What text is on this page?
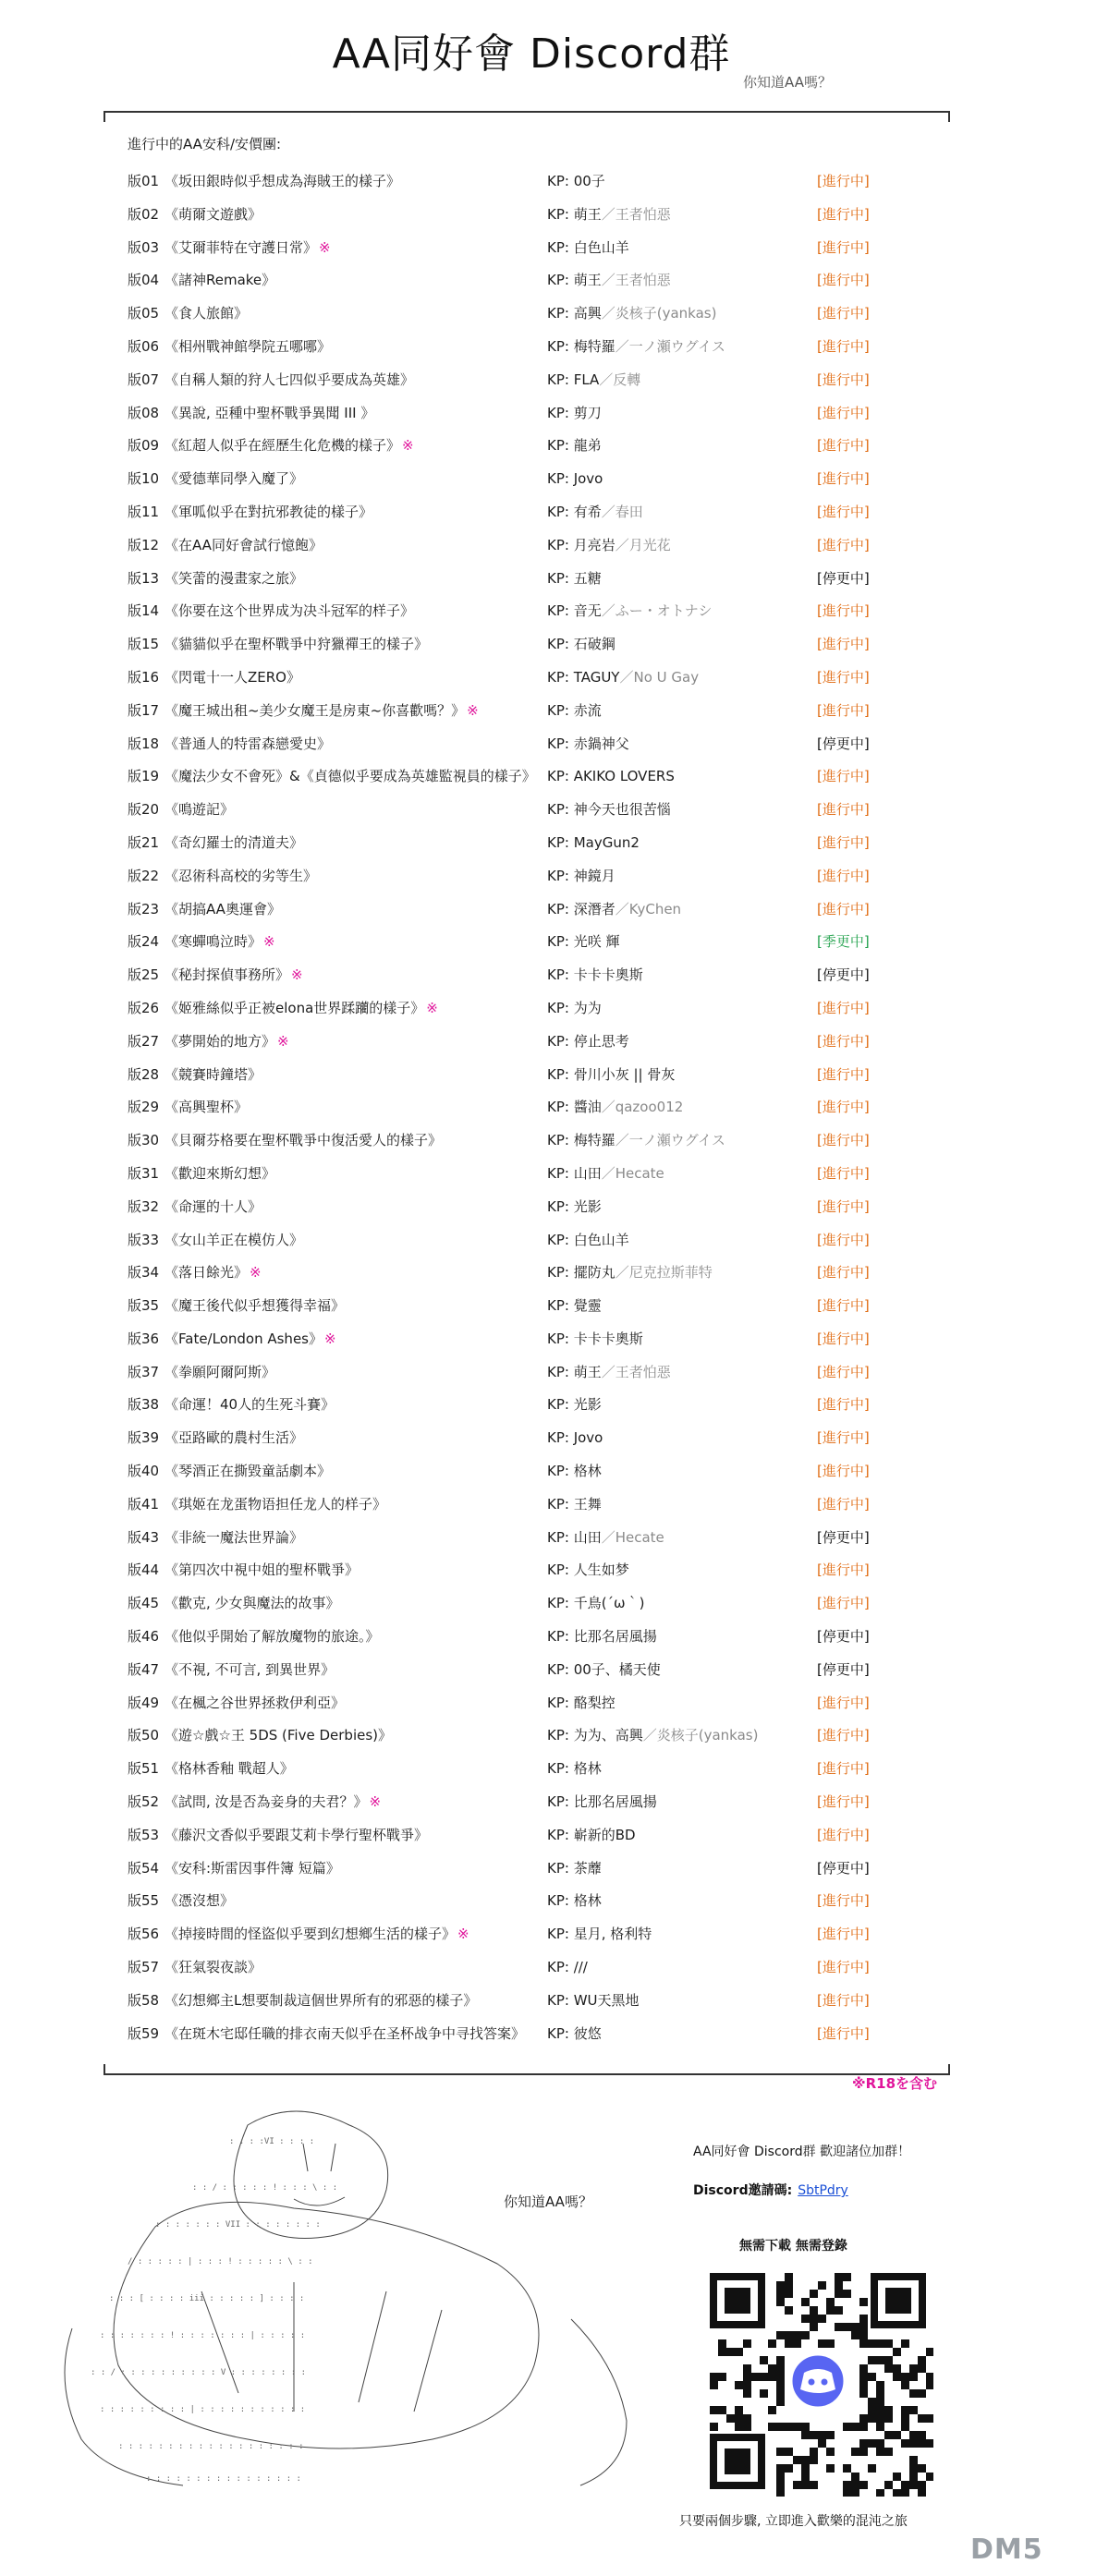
AA同好會 Discord群
你知道AA嗎？
進行中的AA安科/安價團:
版01 《坂田銀時似乎想成為海賊王的樣子》	KP: 00子	[進行中]
版02 《萌爾文遊戲》	KP: 萌王／王者怕惡	[進行中]
版03 《艾爾菲特在守護日常》 ※	KP: 白色山羊	[進行中]
版04 《諸神Remake》	KP: 萌王／王者怕惡	[進行中]
版05 《食人旅館》	KP: 高興／炎核子(yankas)	[進行中]
版06 《相州戰神館學院五哪哪》	KP: 梅特羅／一ノ瀬ウグイス	[進行中]
版07 《自稱人類的狩人七四似乎要成為英雄》	KP: FLA／反轉	[進行中]
版08 《異說, 亞種中聖杯戰爭異聞 III 》	KP: 剪刀	[進行中]
版09 《紅超人似乎在經歷生化危機的樣子》 ※	KP: 龍弟	[進行中]
版10 《愛德華同學入魔了》	KP: Jovo	[進行中]
版11 《軍呱似乎在對抗邪教徒的樣子》	KP: 有希／春田	[進行中]
版12 《在AA同好會試行憶飽》	KP: 月亮岩／月光花	[進行中]
版13 《笑蕾的漫畫家之旅》	KP: 五糖	[停更中]
版14 《你要在这个世界成为决斗冠军的样子》	KP: 音无／ふー・オトナシ	[進行中]
版15 《貓貓似乎在聖杯戰爭中狩獵禪王的樣子》	KP: 石破鋼	[進行中]
版16 《閃電十一人ZERO》	KP: TAGUY／No U Gay	[進行中]
版17 《魔王城出租~美少女魔王是房東~你喜歡嗎？》 ※	KP: 赤流	[進行中]
版18 《普通人的特雷森戀愛史》	KP: 赤鍋神父	[停更中]
版19 《魔法少女不會死》&《貞德似乎要成為英雄監視員的樣子》 KP: AKIKO LOVERS	[進行中]
版20 《鳴遊記》	KP: 神今天也很苦惱	[進行中]
版21 《奇幻羅士的清道夫》	KP: MayGun2	[進行中]
版22 《忍術科高校的劣等生》	KP: 神鏡月	[進行中]
版23 《胡搞AA奧運會》	KP: 深潛者／KyChen	[進行中]
版24 《寒蟬鳴泣時》 ※	KP: 光咲 輝	[季更中]
版25 《秘封探偵事務所》 ※	KP: 卡卡卡奧斯	[停更中]
版26 《姬雅絲似乎正被elona世界蹂躪的樣子》 ※	KP: 为为	[進行中]
版27 《夢開始的地方》 ※	KP: 停止思考	[進行中]
版28 《競賽時鐘塔》	KP: 骨川小灰 || 骨灰	[進行中]
版29 《高興聖杯》	KP: 醬油／qazoo012	[進行中]
版30 《貝爾芬格要在聖杯戰爭中復活愛人的樣子》	KP: 梅特羅／一ノ瀬ウグイス	[進行中]
版31 《歡迎來斯幻想》	KP: 山田／Hecate	[進行中]
版32 《命運的十人》	KP: 光影	[進行中]
版33 《女山羊正在模仿人》	KP: 白色山羊	[進行中]
版34 《落日餘光》 ※	KP: 擺防丸／尼克拉斯菲特	[進行中]
版35 《魔王後代似乎想獲得幸福》	KP: 覺靈	[進行中]
版36 《Fate/London Ashes》 ※	KP: 卡卡卡奧斯	[進行中]
版37 《拳願阿爾阿斯》	KP: 萌王／王者怕惡	[進行中]
版38 《命運！40人的生死斗賽》	KP: 光影	[進行中]
版39 《亞路歐的農村生活》	KP: Jovo	[進行中]
版40 《琴酒正在撕毀童話劇本》	KP: 格林	[進行中]
版41 《琪姬在龙蛋物语担任龙人的样子》	KP: 王舞	[進行中]
版43 《非統一魔法世界論》	KP: 山田／Hecate	[停更中]
版44 《第四次中視中姐的聖杯戰爭》	KP: 人生如梦	[進行中]
版45 《歡克, 少女與魔法的故事》	KP: 千鳥(´ω｀)	[進行中]
版46 《他似乎開始了解放魔物的旅途。》	KP: 比那名居風揚	[停更中]
版47 《不視, 不可言, 到異世界》	KP: 00子、橘天使	[停更中]
版49 《在楓之谷世界拯救伊利亞》	KP: 酪梨控	[進行中]
版50 《遊☆戲☆王 5DS (Five Derbies)》	KP: 为为、高興／炎核子(yankas)	[進行中]
版51 《格林香釉 戰超人》	KP: 格林	[進行中]
版52 《試問, 汝是否為妾身的夫君？》 ※	KP: 比那名居風揚	[進行中]
版53 《藤沢文香似乎要跟艾莉卡學行聖杯戰爭》	KP: 嶄新的BD	[進行中]
版54 《安科:斯雷因事件簿 短篇》	KP: 茶蘼	[停更中]
版55 《憑沒想》	KP: 格林	[進行中]
版56 《掉接時間的怪盜似乎要到幻想鄉生活的樣子》 ※	KP: 星月, 格利特	[進行中]
版57 《狂氣裂夜談》	KP: ///	[進行中]
版58 《幻想鄉主L想要制裁這個世界所有的邪惡的樣子》	KP: WU天黑地	[進行中]
版59 《在斑木宅邸任職的排衣南天似乎在圣杯战争中寻找答案》 KP: 彼悠	[進行中]
※R18を含む
: : : :VI : : : :
: : / : : : : : ! : : : \ : :
: : : : : : : VII : : : : : : : :
/ : : : : : | : : : ! : : : : : \ : :
: : : [ : : : : iii : : : : : ] : : : :
: : : : : : : ! : : : : : : : | : : : : :
: : / : : : : : : : : : : V : : : : : : : :
: : : : : : : : : | : : : : : : : : : : :
: : : : : : : : : : : : : : : : : : :
: : : : : : : : : : : : : : : :
你知道AA嗎？
AA同好會 Discord群 歡迎諸位加群！
Discord邀請碼: SbtPdry
無需下載 無需登錄
只要兩個步驟, 立即進入歡樂的混沌之旅
DM5
